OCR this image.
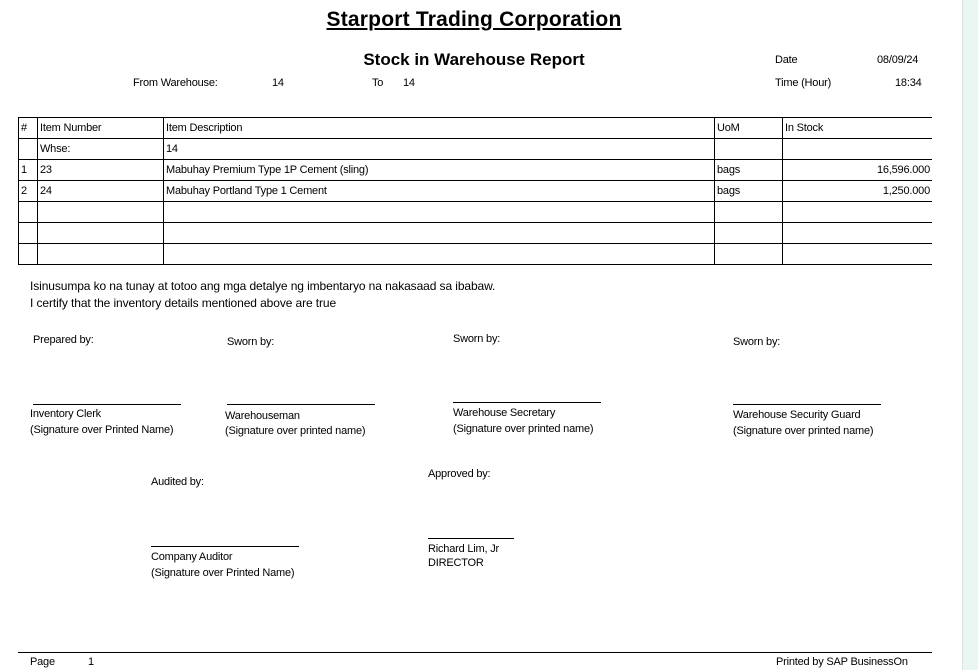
Starport Trading Corporation
Stock in Warehouse Report	Date	08/09/24
Time (Hour)	18:34
From Warehouse:	14	To 14
#	Item Number	Item Description	UoM	In Stock
	Whse:	14		
1	23	Mabuhay Premium Type 1P Cement (sling)	bags	16,596.000
2	24	Mabuhay Portland Type 1 Cement	bags	1,250.000

Isinusumpa ko na tunay at totoo ang mga detalye ng imbentaryo na nakasaad sa ibabaw.
I certify that the inventory details mentioned above are true
Prepared by:
Inventory Clerk
(Signature over Printed Name)
Sworn by:
Warehouseman
(Signature over printed name)
Sworn by:
Warehouse Secretary
(Signature over printed name)
Sworn by:
Warehouse Security Guard
(Signature over printed name)
Audited by:
Company Auditor
(Signature over Printed Name)
Approved by:
Richard Lim, Jr
DIRECTOR
Page	1	Printed by SAP BusinessOn
